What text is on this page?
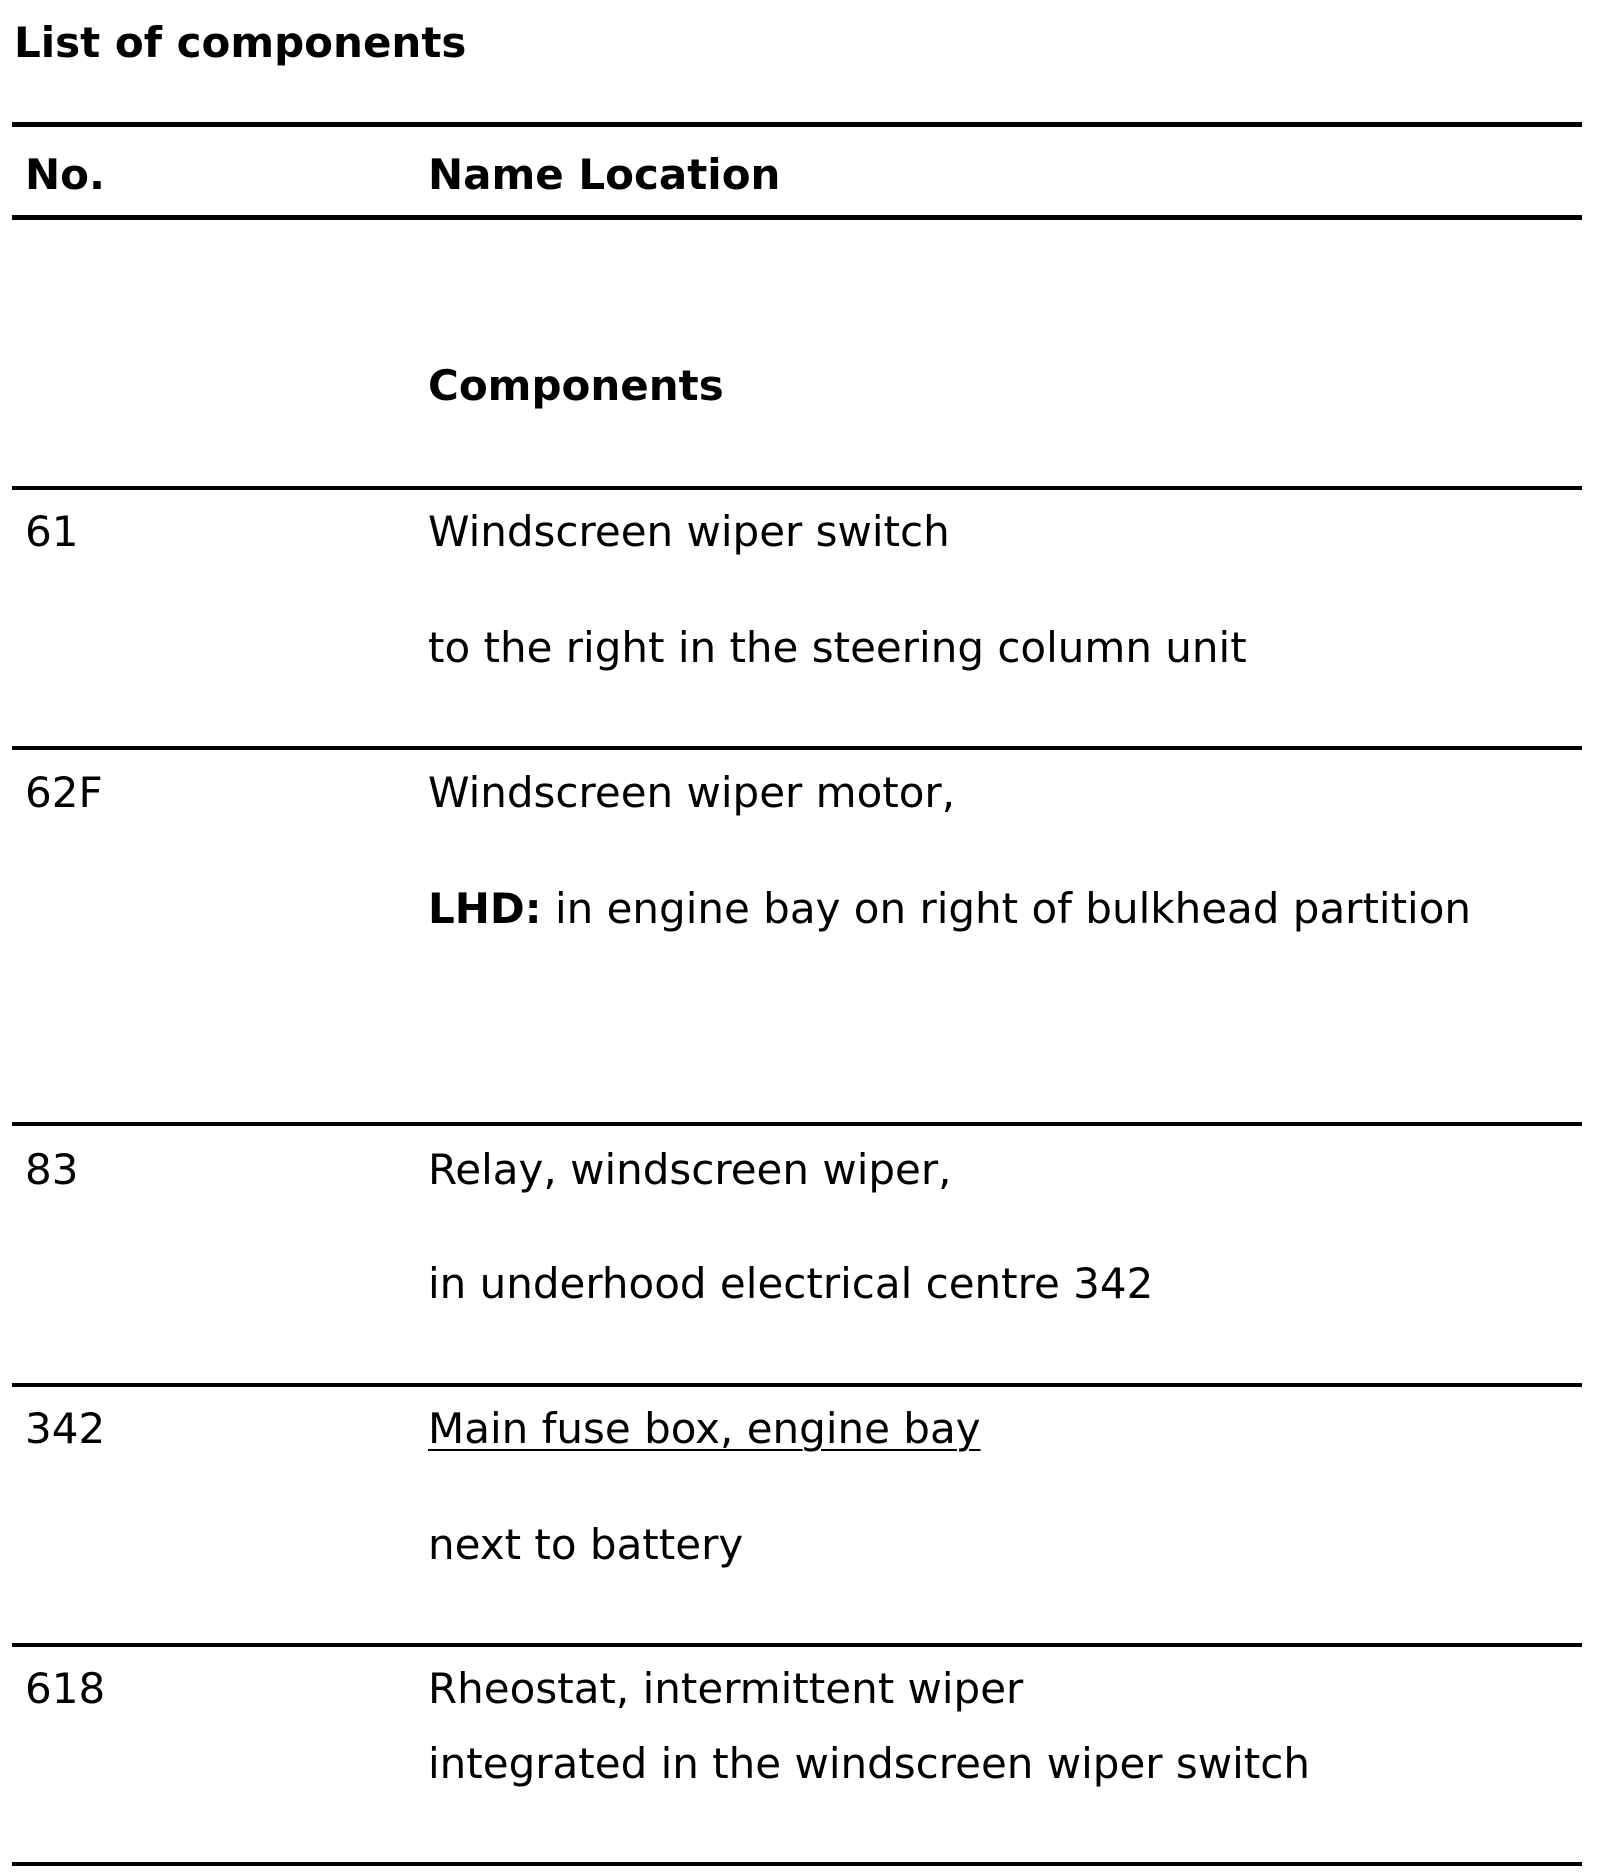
List of components
No.	Name Location
Components
61	Windscreen wiper switch
to the right in the steering column unit
62F	Windscreen wiper motor,
LHD: in engine bay on right of bulkhead partition
83	Relay, windscreen wiper,
in underhood electrical centre 342
342	Main fuse box, engine bay
next to battery
618	Rheostat, intermittent wiper
integrated in the windscreen wiper switch
